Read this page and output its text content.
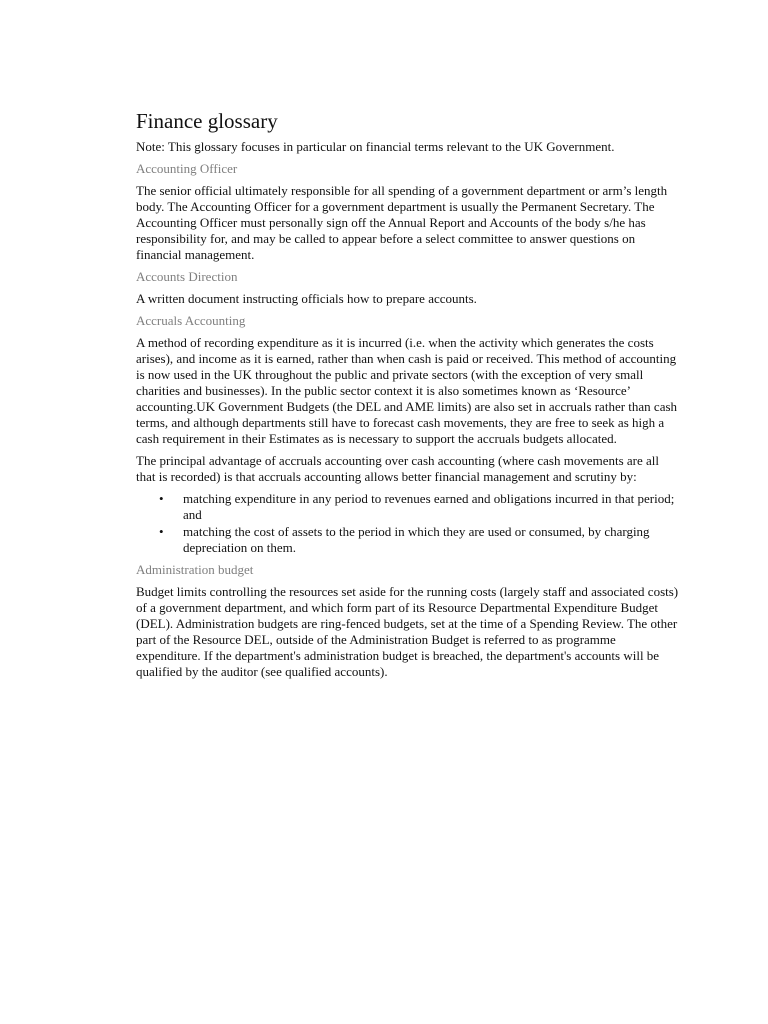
Finance glossary

Note: This glossary focuses in particular on financial terms relevant to the UK Government.

Accounting Officer

The senior official ultimately responsible for all spending of a government department or arm’s length body. The Accounting Officer for a government department is usually the Permanent Secretary. The Accounting Officer must personally sign off the Annual Report and Accounts of the body s/he has responsibility for, and may be called to appear before a select committee to answer questions on financial management.

Accounts Direction

A written document instructing officials how to prepare accounts.

Accruals Accounting

A method of recording expenditure as it is incurred (i.e. when the activity which generates the costs arises), and income as it is earned, rather than when cash is paid or received. This method of accounting is now used in the UK throughout the public and private sectors (with the exception of very small charities and businesses). In the public sector context it is also sometimes known as ‘Resource’ accounting.UK Government Budgets (the DEL and AME limits) are also set in accruals rather than cash terms, and although departments still have to forecast cash movements, they are free to seek as high a cash requirement in their Estimates as is necessary to support the accruals budgets allocated.

The principal advantage of accruals accounting over cash accounting (where cash movements are all that is recorded) is that accruals accounting allows better financial management and scrutiny by:

• matching expenditure in any period to revenues earned and obligations incurred in that period; and
• matching the cost of assets to the period in which they are used or consumed, by charging depreciation on them.

Administration budget

Budget limits controlling the resources set aside for the running costs (largely staff and associated costs) of a government department, and which form part of its Resource Departmental Expenditure Budget (DEL). Administration budgets are ring-fenced budgets, set at the time of a Spending Review. The other part of the Resource DEL, outside of the Administration Budget is referred to as programme expenditure. If the department's administration budget is breached, the department's accounts will be qualified by the auditor (see qualified accounts).
